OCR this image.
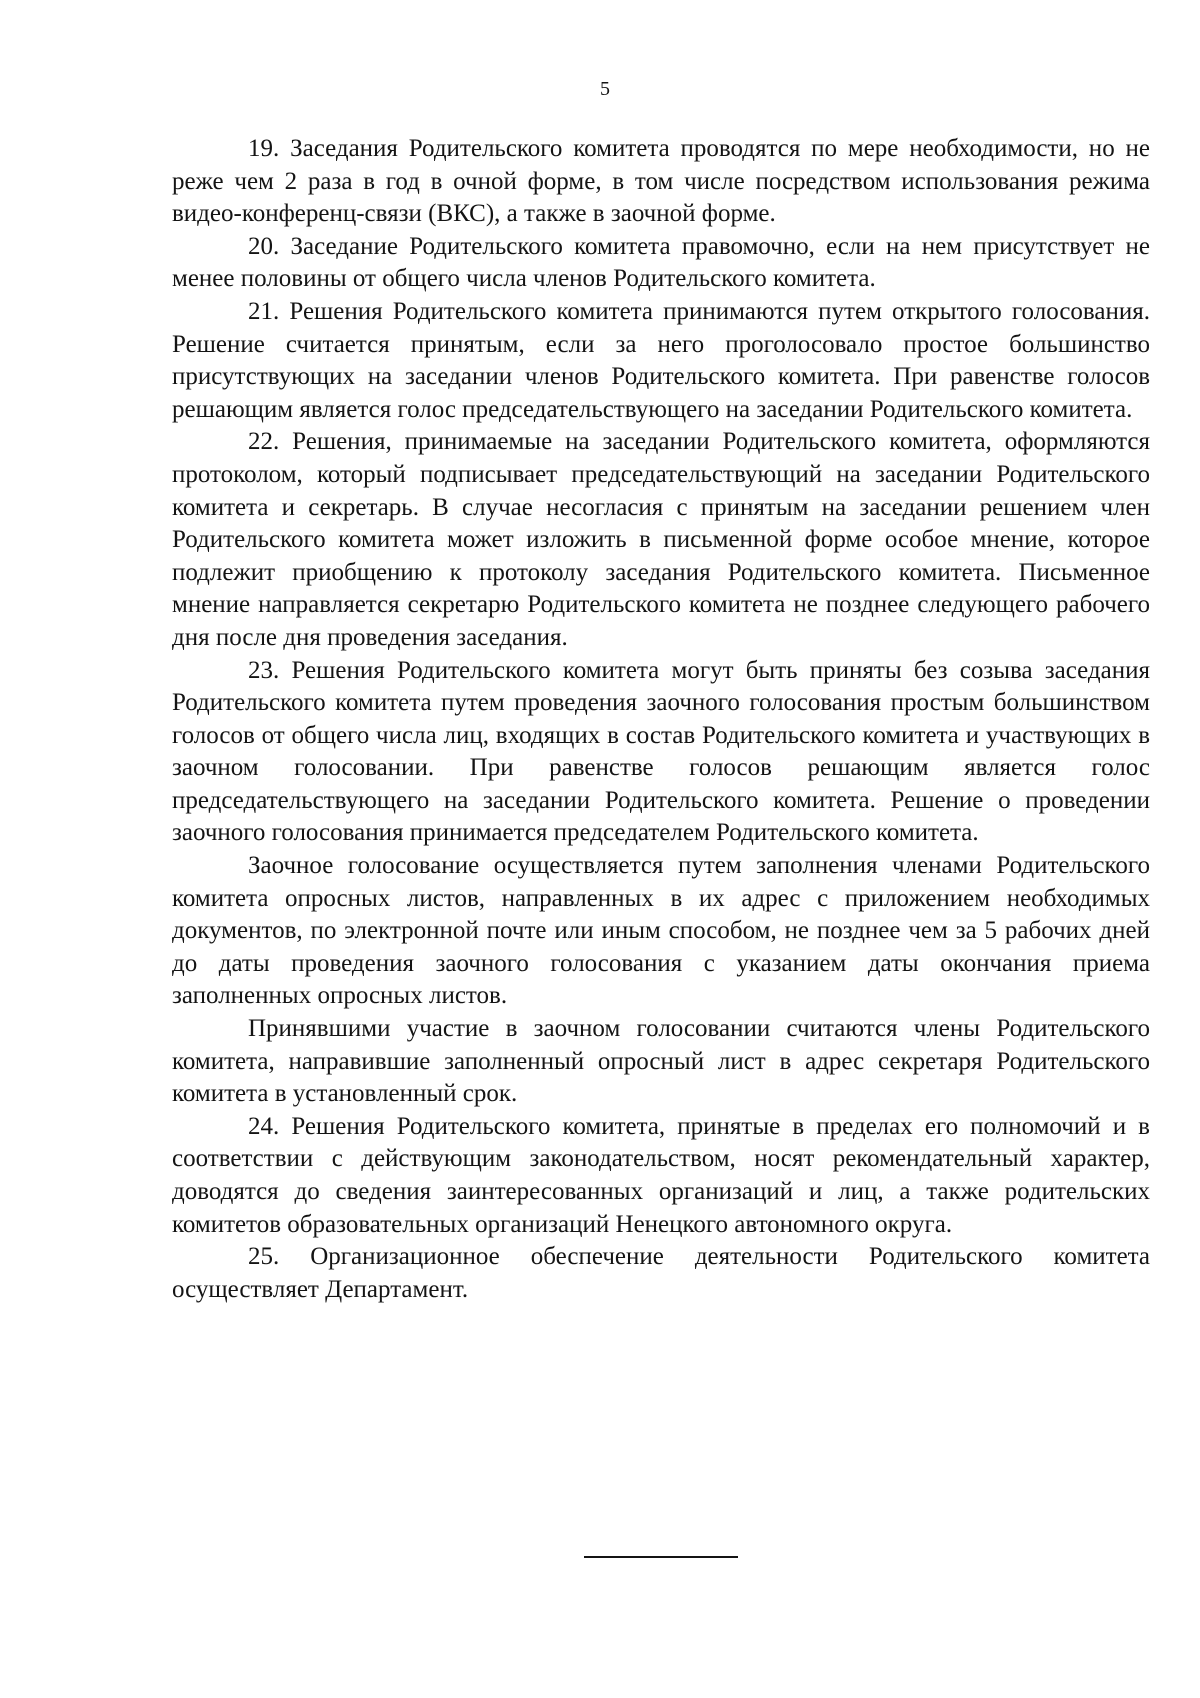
5

19. Заседания Родительского комитета проводятся по мере необходимости, но не реже чем 2 раза в год в очной форме, в том числе посредством использования режима видео-конференц-связи (ВКС), а также в заочной форме.

20. Заседание Родительского комитета правомочно, если на нем присутствует не менее половины от общего числа членов Родительского комитета.

21. Решения Родительского комитета принимаются путем открытого голосования. Решение считается принятым, если за него проголосовало простое большинство присутствующих на заседании членов Родительского комитета. При равенстве голосов решающим является голос председательствующего на заседании Родительского комитета.

22. Решения, принимаемые на заседании Родительского комитета, оформляются протоколом, который подписывает председательствующий на заседании Родительского комитета и секретарь. В случае несогласия с принятым на заседании решением член Родительского комитета может изложить в письменной форме особое мнение, которое подлежит приобщению к протоколу заседания Родительского комитета. Письменное мнение направляется секретарю Родительского комитета не позднее следующего рабочего дня после дня проведения заседания.

23. Решения Родительского комитета могут быть приняты без созыва заседания Родительского комитета путем проведения заочного голосования простым большинством голосов от общего числа лиц, входящих в состав Родительского комитета и участвующих в заочном голосовании. При равенстве голосов решающим является голос председательствующего на заседании Родительского комитета. Решение о проведении заочного голосования принимается председателем Родительского комитета.

Заочное голосование осуществляется путем заполнения членами Родительского комитета опросных листов, направленных в их адрес с приложением необходимых документов, по электронной почте или иным способом, не позднее чем за 5 рабочих дней до даты проведения заочного голосования с указанием даты окончания приема заполненных опросных листов.

Принявшими участие в заочном голосовании считаются члены Родительского комитета, направившие заполненный опросный лист в адрес секретаря Родительского комитета в установленный срок.

24. Решения Родительского комитета, принятые в пределах его полномочий и в соответствии с действующим законодательством, носят рекомендательный характер, доводятся до сведения заинтересованных организаций и лиц, а также родительских комитетов образовательных организаций Ненецкого автономного округа.

25. Организационное обеспечение деятельности Родительского комитета осуществляет Департамент.
